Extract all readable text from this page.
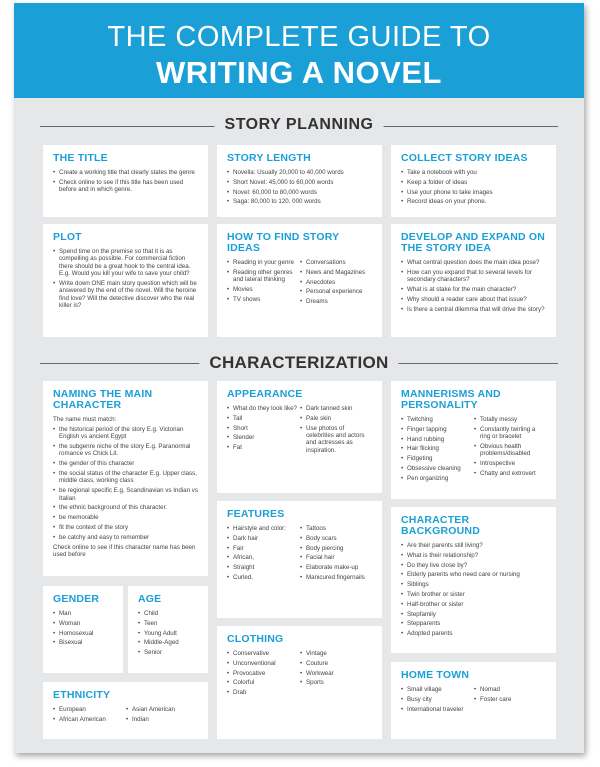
THE COMPLETE GUIDE TO
WRITING A NOVEL
STORY PLANNING
CHARACTERIZATION
THE TITLE
• Create a working title that clearly states the genre
• Check online to see if this title has been used before and in which genre.
STORY LENGTH
• Novella: Usually 20,000 to 40,000 words
• Short Novel: 45,000 to 60,000 words
• Novel: 60,000 to 80,000 words
• Saga: 80,000 to 120, 000 words
COLLECT STORY IDEAS
• Take a notebook with you
• Keep a folder of ideas
• Use your phone to take images
• Record ideas on your phone.
PLOT
• Spend time on the premise so that it is as compelling as possible. For commercial fiction there should be a great hook to the central idea. E.g. Would you kill your wife to save your child?
• Write down ONE main story question which will be answered by the end of the novel. Will the heroine find love? Will the detective discover who the real killer is?
HOW TO FIND STORY IDEAS
• Reading in your genre
• Reading other genres and lateral thinking
• Movies
• TV shows
• Conversations
• News and Magazines
• Anecdotes
• Personal experience
• Dreams
DEVELOP AND EXPAND ON THE STORY IDEA
• What central question does the main idea pose?
• How can you expand that to several levels for secondary characters?
• What is at stake for the main character?
• Why should a reader care about that issue?
• Is there a central dilemma that will drive the story?
NAMING THE MAIN CHARACTER

The name must match:

• the historical period of the story E.g. Victorian English vs ancient Egypt
• the subgenre niche of the story E.g. Paranormal romance vs Chick Lit.
• the gender of this character
• the social status of the character E.g. Upper class, middle class, working class
• be regional specific E.g. Scandinavian vs Indian vs Italian
• the ethnic background of this character.
• be memorable
• fit the context of the story
• be catchy and easy to remember

Check online to see if this character name has been used before

APPEARANCE
• What do they look like?
• Tall
• Short
• Slender
• Fat
• Dark tanned skin
• Pale skin
• Use photos of celebrities and actors and actresses as inspiration.
MANNERISMS AND PERSONALITY
• Twitching
• Finger tapping
• Hand rubbing
• Hair flicking
• Fidgeting
• Obsessive cleaning
• Pen organizing
• Totally messy
• Constantly twirling a ring or bracelet
• Obvious health problems/disabled
• Introspective
• Chatty and extrovert
FEATURES
• Hairstyle and color:
• Dark hair
• Fair
• African,
• Straight
• Curled,
• Tattoos
• Body scars
• Body piercing
• Facial hair
• Elaborate make-up
• Manicured fingernails
CHARACTER BACKGROUND
• Are their parents still living?
• What is their relationship?
• Do they live close by?
• Elderly parents who need care or nursing
• Siblings
• Twin brother or sister
• Half-brother or sister
• Stepfamily
• Stepparents
• Adopted parents
GENDER
• Man
• Woman
• Homosexual
• Bisexual
AGE
• Child
• Teen
• Young Adult
• Middle-Aged
• Senior
CLOTHING
• Conservative
• Unconventional
• Provocative
• Colorful
• Drab
• Vintage
• Couture
• Workwear
• Sports
HOME TOWN
• Small village
• Busy city
• International traveler
• Nomad
• Foster care
ETHNICITY
• European
• African American
• Asian American
• Indian
